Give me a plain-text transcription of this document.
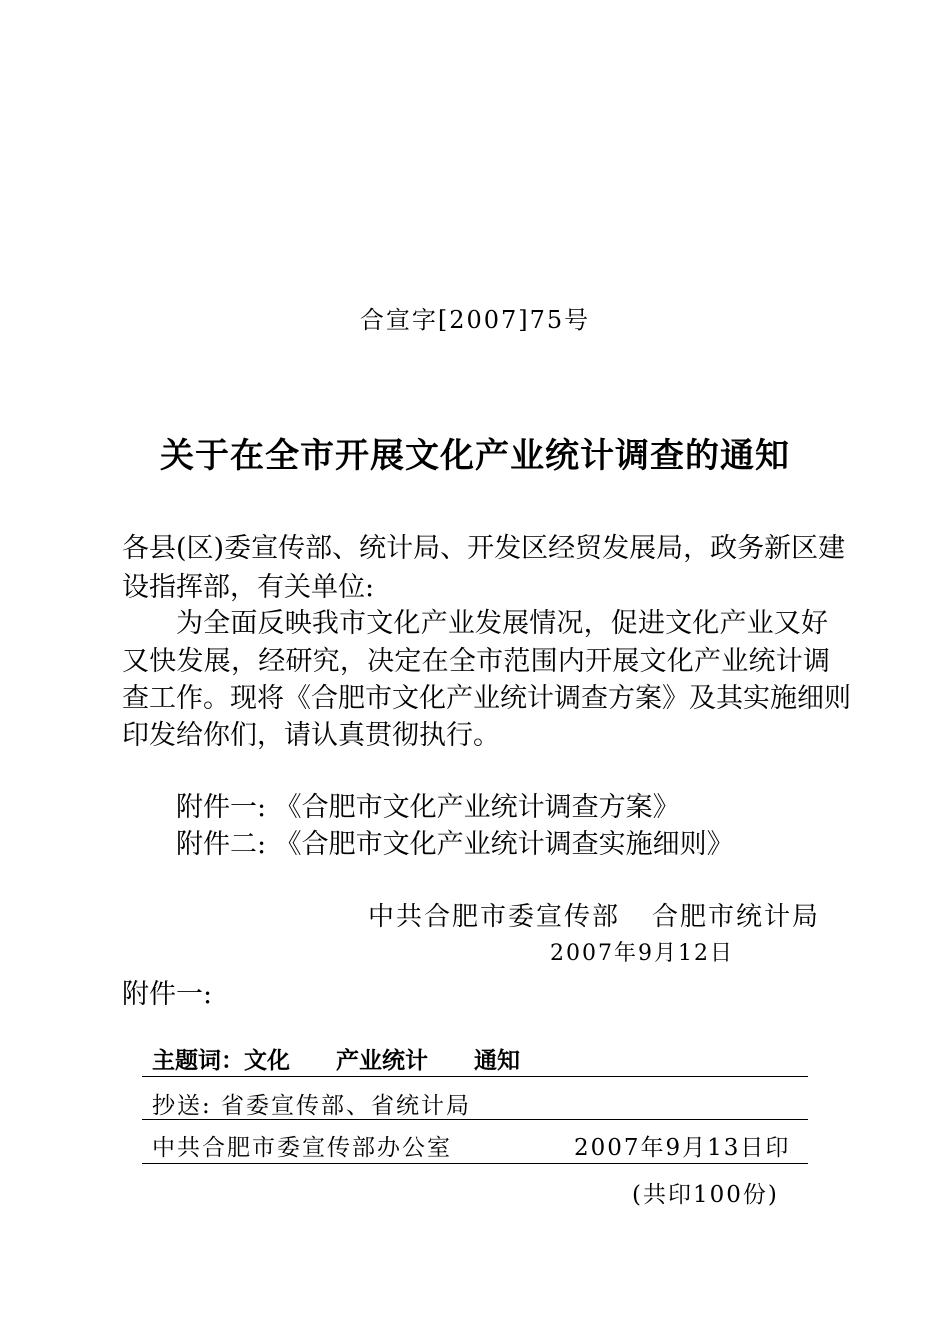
合宣字[2007]75号
关于在全市开展文化产业统计调查的通知
各县(区)委宣传部、统计局、开发区经贸发展局，政务新区建
设指挥部，有关单位:
为全面反映我市文化产业发展情况，促进文化产业又好
又快发展，经研究，决定在全市范围内开展文化产业统计调
查工作。现将《合肥市文化产业统计调查方案》及其实施细则
印发给你们，请认真贯彻执行。
附件一: 《合肥市文化产业统计调查方案》
附件二: 《合肥市文化产业统计调查实施细则》
中共合肥市委宣传部 合肥市统计局
2007年9月12日
附件一:
主题词：文化 产业统计 通知
抄送: 省委宣传部、省统计局
中共合肥市委宣传部办公室	2007年9月13日印
(共印100份)
